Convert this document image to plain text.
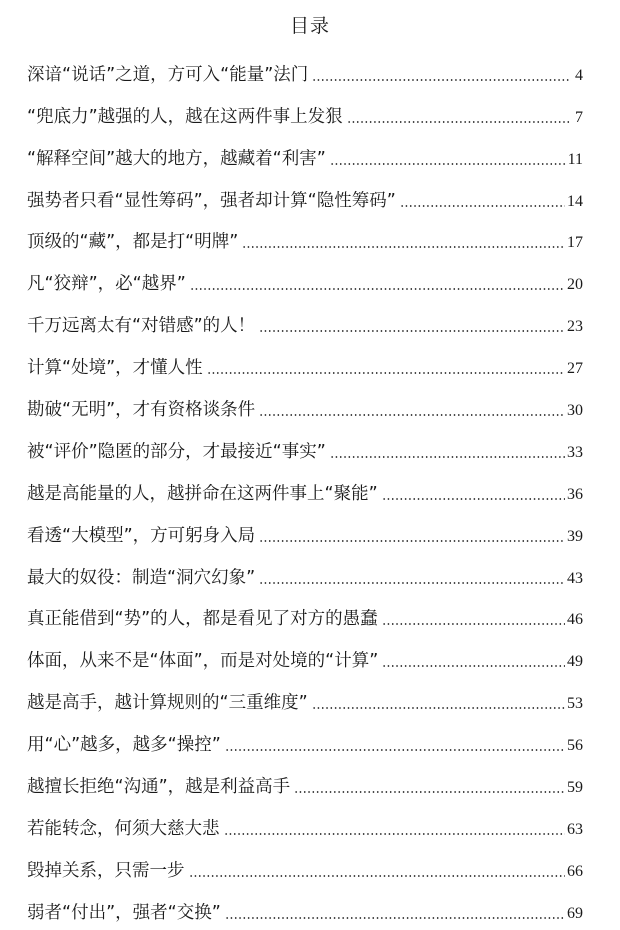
目录
深谙“说话”之道，方可入“能量”法门	4
“兜底力”越强的人，越在这两件事上发狠	7
“解释空间”越大的地方，越藏着“利害”	11
强势者只看“显性筹码”，强者却计算“隐性筹码”	14
顶级的“藏”，都是打“明牌”	17
凡“狡辩”，必“越界”	20
千万远离太有“对错感”的人！	23
计算“处境”，才懂人性	27
勘破“无明”，才有资格谈条件	30
被“评价”隐匿的部分，才最接近“事实”	33
越是高能量的人，越拼命在这两件事上“聚能”	36
看透“大模型”，方可躬身入局	39
最大的奴役：制造“洞穴幻象”	43
真正能借到“势”的人，都是看见了对方的愚蠢	46
体面，从来不是“体面”，而是对处境的“计算”	49
越是高手，越计算规则的“三重维度”	53
用“心”越多，越多“操控”	56
越擅长拒绝“沟通”，越是利益高手	59
若能转念，何须大慈大悲	63
毁掉关系，只需一步	66
弱者“付出”，强者“交换”	69
